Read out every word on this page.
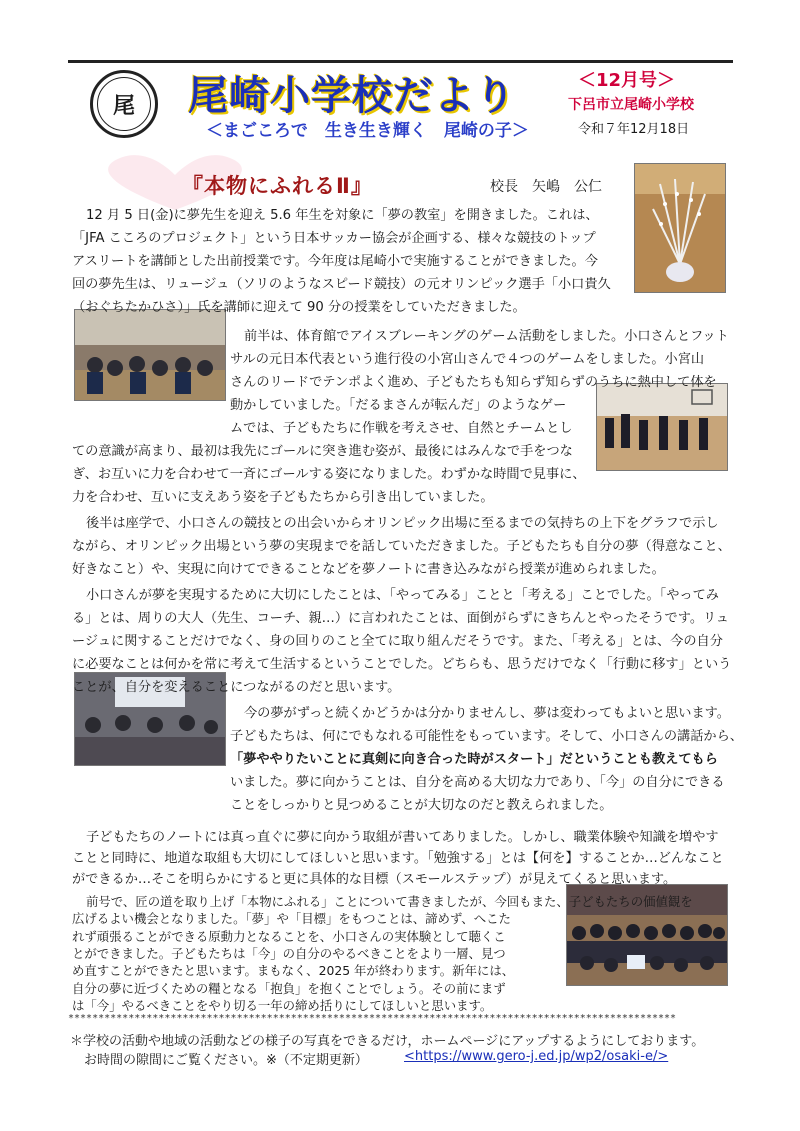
尾 尾崎小学校だより
＜まごころで　生き生き輝く　尾崎の子＞
＜12月号＞
下呂市立尾崎小学校
令和７年12月18日
『本物にふれるⅡ』	校長　矢嶋　公仁
12 月 5 日(金)に夢先生を迎え 5.6 年生を対象に「夢の教室」を開きました。これは、
「JFA こころのプロジェクト」という日本サッカー協会が企画する、様々な競技のトップ
アスリートを講師とした出前授業です。今年度は尾崎小で実施することができました。今
回の夢先生は、リュージュ（ソリのようなスピード競技）の元オリンピック選手「小口貴久
（おぐちたかひさ）」氏を講師に迎えて 90 分の授業をしていただきました。
前半は、体育館でアイスブレーキングのゲーム活動をしました。小口さんとフット
サルの元日本代表という進行役の小宮山さんで４つのゲームをしました。小宮山
さんのリードでテンポよく進め、子どもたちも知らず知らずのうちに熱中して体を
動かしていました。「だるまさんが転んだ」のようなゲー
ムでは、子どもたちに作戦を考えさせ、自然とチームとし
ての意識が高まり、最初は我先にゴールに突き進む姿が、最後にはみんなで手をつな
ぎ、お互いに力を合わせて一斉にゴールする姿になりました。わずかな時間で見事に、
力を合わせ、互いに支えあう姿を子どもたちから引き出していました。
後半は座学で、小口さんの競技との出会いからオリンピック出場に至るまでの気持ちの上下をグラフで示し
ながら、オリンピック出場という夢の実現までを話していただきました。子どもたちも自分の夢（得意なこと、
好きなこと）や、実現に向けてできることなどを夢ノートに書き込みながら授業が進められました。
小口さんが夢を実現するために大切にしたことは、「やってみる」ことと「考える」ことでした。「やってみ
る」とは、周りの大人（先生、コーチ、親…）に言われたことは、面倒がらずにきちんとやったそうです。リュ
ージュに関することだけでなく、身の回りのこと全てに取り組んだそうです。また、「考える」とは、今の自分
に必要なことは何かを常に考えて生活するということでした。どちらも、思うだけでなく「行動に移す」という
ことが、自分を変えることにつながるのだと思います。
今の夢がずっと続くかどうかは分かりませんし、夢は変わってもよいと思います。
子どもたちは、何にでもなれる可能性をもっています。そして、小口さんの講話から、
「夢ややりたいことに真剣に向き合った時がスタート」だということも教えてもら
いました。夢に向かうことは、自分を高める大切な力であり、「今」の自分にできる
ことをしっかりと見つめることが大切なのだと教えられました。
子どもたちのノートには真っ直ぐに夢に向かう取組が書いてありました。しかし、職業体験や知識を増やす
ことと同時に、地道な取組も大切にしてほしいと思います。「勉強する」とは【何を】することか…どんなこと
ができるか…そこを明らかにすると更に具体的な目標（スモールステップ）が見えてくると思います。
前号で、匠の道を取り上げ「本物にふれる」ことについて書きましたが、今回もまた、子どもたちの価値観を
広げるよい機会となりました。「夢」や「目標」をもつことは、諦めず、へこた
れず頑張ることができる原動力となることを、小口さんの実体験として聴くこ
とができました。子どもたちは「今」の自分のやるべきことをより一層、見つ
め直すことができたと思います。まもなく、2025 年が終わります。新年には、
自分の夢に近づくための糧となる「抱負」を抱くことでしょう。その前にまず
は「今」やるべきことをやり切る一年の締め括りにしてほしいと思います。
*****************************************************************************************************
＊学校の活動や地域の活動などの様子の写真をできるだけ，ホームページにアップするようにしております。
お時間の隙間にご覧ください。※（不定期更新）	<https://www.gero-j.ed.jp/wp2/osaki-e/>
